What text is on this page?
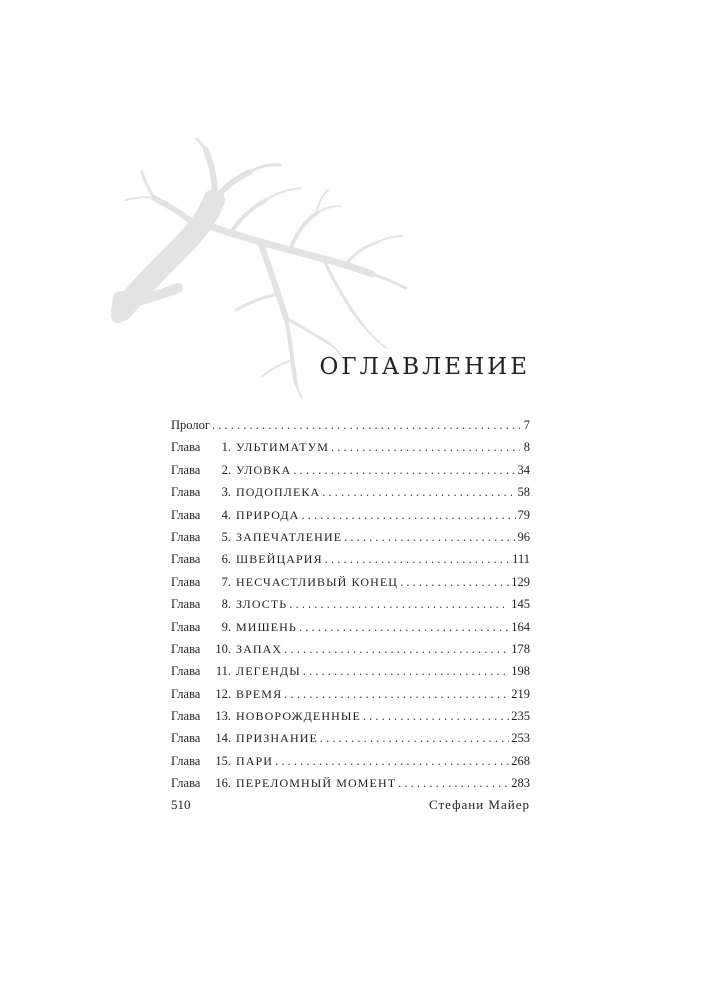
ОГЛАВЛЕНИЕ
Пролог . . .	7
Глава	1. УЛЬТИМАТУМ . . .	8
Глава	2. УЛОВКА . . .	34
Глава	3. ПОДОПЛЕКА . . .	58
Глава	4. ПРИРОДА . . .	79
Глава	5. ЗАПЕЧАТЛЕНИЕ . . .	96
Глава	6. ШВЕЙЦАРИЯ . . .	111
Глава	7. НЕСЧАСТЛИВЫЙ КОНЕЦ . . .	129
Глава	8. ЗЛОСТЬ . . .	145
Глава	9. МИШЕНЬ . . .	164
Глава	10. ЗАПАХ . . .	178
Глава	11. ЛЕГЕНДЫ . . .	198
Глава	12. ВРЕМЯ . . .	219
Глава	13. НОВОРОЖДЕННЫЕ . . .	235
Глава	14. ПРИЗНАНИЕ . . .	253
Глава	15. ПАРИ . . .	268
Глава	16. ПЕРЕЛОМНЫЙ МОМЕНТ . . .	283
510	Стефани Майер
